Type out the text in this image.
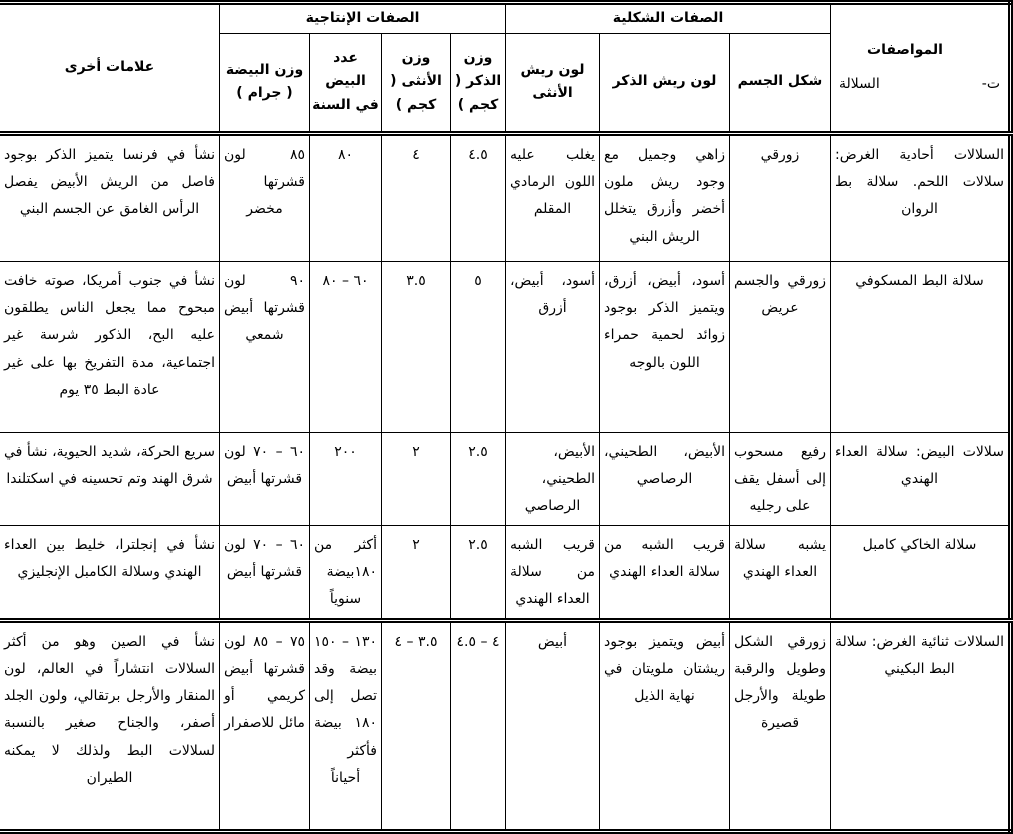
المواصفات
ت-
السلالة	الصفات الشكلية			الصفات الإنتاجية				علامات أخرى
	شكل الجسم	لون ريش الذكر	لون ريش الأنثى	وزن الذكر ( كجم )	وزن الأنثى ( كجم )	عدد البيض في السنة	وزن البيضة ( جرام )	
السلالات أحادية الغرض: سلالات اللحم. سلالة بط الروان	زورقي	زاهي وجميل مع وجود ريش ملون أخضر وأزرق يتخلل الريش البني	يغلب عليه اللون الرمادي المقلم	٤.٥	٤	٨٠	٨٥ لون قشرتها مخضر	نشأ في فرنسا يتميز الذكر بوجود فاصل من الريش الأبيض يفصل الرأس الغامق عن الجسم البني
سلالة البط المسكوفي	زورقي والجسم عريض	أسود، أبيض، أزرق، ويتميز الذكر بوجود زوائد لحمية حمراء اللون بالوجه	أسود، أبيض، أزرق	٥	٣.٥	٦٠ – ٨٠	٩٠ لون قشرتها أبيض شمعي	نشأ في جنوب أمريكا، صوته خافت مبحوح مما يجعل الناس يطلقون عليه البح، الذكور شرسة غير اجتماعية، مدة التفريخ بها على غير عادة البط ٣٥ يوم
سلالات البيض: سلالة العداء الهندي	رفيع مسحوب إلى أسفل يقف على رجليه	الأبيض، الطحيني، الرصاصي	الأبيض، الطحيني، الرصاصي	٢.٥	٢	٢٠٠	٦٠ – ٧٠ لون قشرتها أبيض	سريع الحركة، شديد الحيوية، نشأ في شرق الهند وتم تحسينه في اسكتلندا
سلالة الخاكي كامبل	يشبه سلالة العداء الهندي	قريب الشبه من سلالة العداء الهندي	قريب الشبه من سلالة العداء الهندي	٢.٥	٢	أكثر من ١٨٠بيضة سنوياً	٦٠ – ٧٠ لون قشرتها أبيض	نشأ في إنجلترا، خليط بين العداء الهندي وسلالة الكامبل الإنجليزي
السلالات ثنائية الغرض: سلالة البط البكيني	زورقي الشكل وطويل والرقبة طويلة والأرجل قصيرة	أبيض ويتميز بوجود ريشتان ملويتان في نهاية الذيل	أبيض	٤ – ٤.٥	٣.٥ – ٤	١٣٠ – ١٥٠ بيضة وقد تصل إلى ١٨٠ بيضة فأكثر أحياناً	٧٥ – ٨٥ لون قشرتها أبيض كريمي أو مائل للاصفرار	نشأ في الصين وهو من أكثر السلالات انتشاراً في العالم، لون المنقار والأرجل برتقالي، ولون الجلد أصفر، والجناح صغير بالنسبة لسلالات البط ولذلك لا يمكنه الطيران
